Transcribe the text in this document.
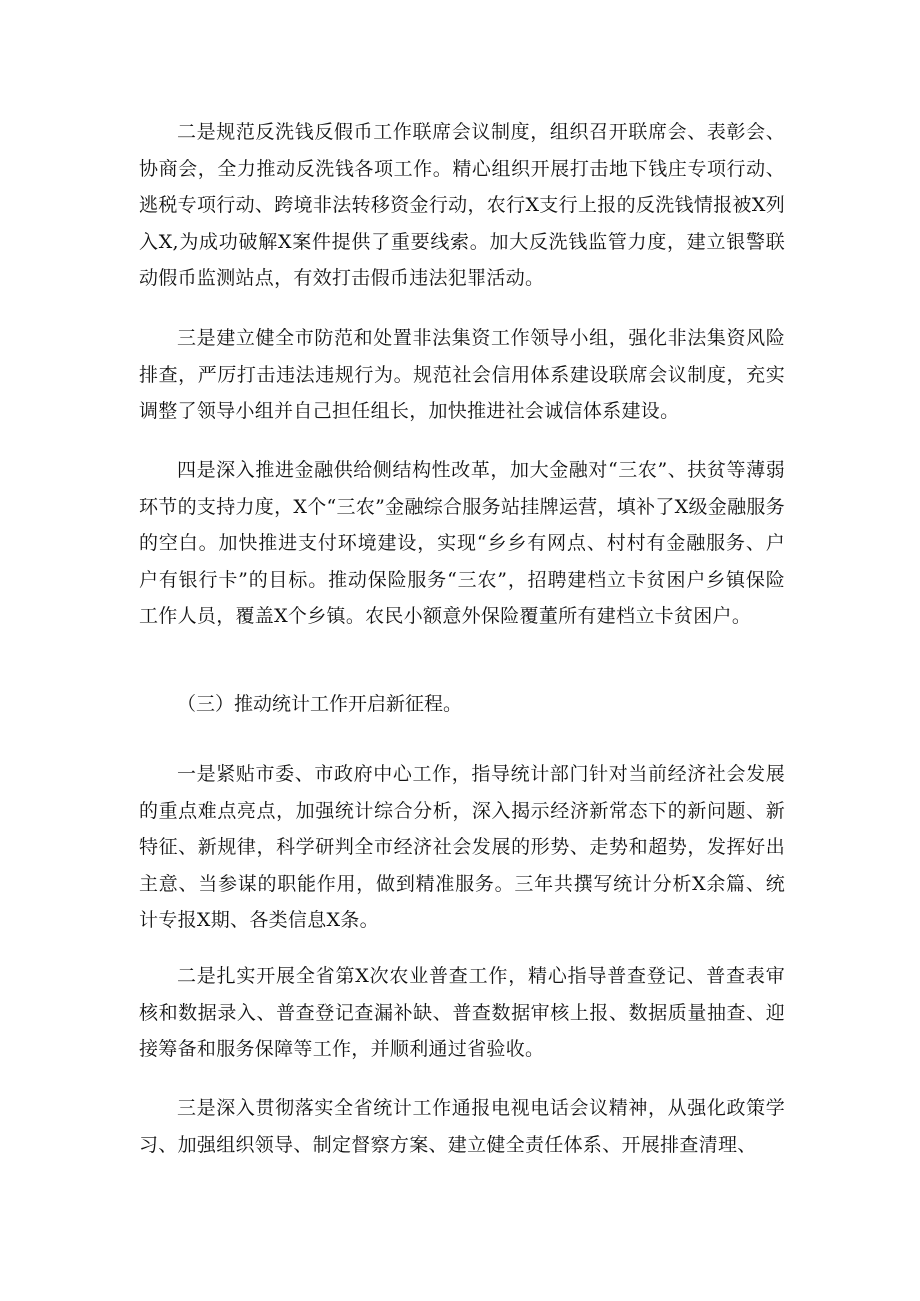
二是规范反洗钱反假币工作联席会议制度，组织召开联席会、表彰会、协商会，全力推动反洗钱各项工作。精心组织开展打击地下钱庄专项行动、逃税专项行动、跨境非法转移资金行动，农行X支行上报的反洗钱情报被X列入X,为成功破解X案件提供了重要线索。加大反洗钱监管力度，建立银警联动假币监测站点，有效打击假币违法犯罪活动。

三是建立健全市防范和处置非法集资工作领导小组，强化非法集资风险排查，严厉打击违法违规行为。规范社会信用体系建设联席会议制度，充实调整了领导小组并自己担任组长，加快推进社会诚信体系建设。

四是深入推进金融供给侧结构性改革，加大金融对“三农”、扶贫等薄弱环节的支持力度，X个“三农”金融综合服务站挂牌运营，填补了X级金融服务的空白。加快推进支付环境建设，实现“乡乡有网点、村村有金融服务、户户有银行卡”的目标。推动保险服务“三农”，招聘建档立卡贫困户乡镇保险工作人员，覆盖X个乡镇。农民小额意外保险覆董所有建档立卡贫困户。

（三）推动统计工作开启新征程。

一是紧贴市委、市政府中心工作，指导统计部门针对当前经济社会发展的重点难点亮点，加强统计综合分析，深入揭示经济新常态下的新问题、新特征、新规律，科学研判全市经济社会发展的形势、走势和超势，发挥好出主意、当参谋的职能作用，做到精准服务。三年共撰写统计分析X余篇、统计专报X期、各类信息X条。

二是扎实开展全省第X次农业普查工作，精心指导普查登记、普查表审核和数据录入、普查登记查漏补缺、普查数据审核上报、数据质量抽查、迎接筹备和服务保障等工作，并顺利通过省验收。

三是深入贯彻落实全省统计工作通报电视电话会议精神，从强化政策学习、加强组织领导、制定督察方案、建立健全责任体系、开展排查清理、
